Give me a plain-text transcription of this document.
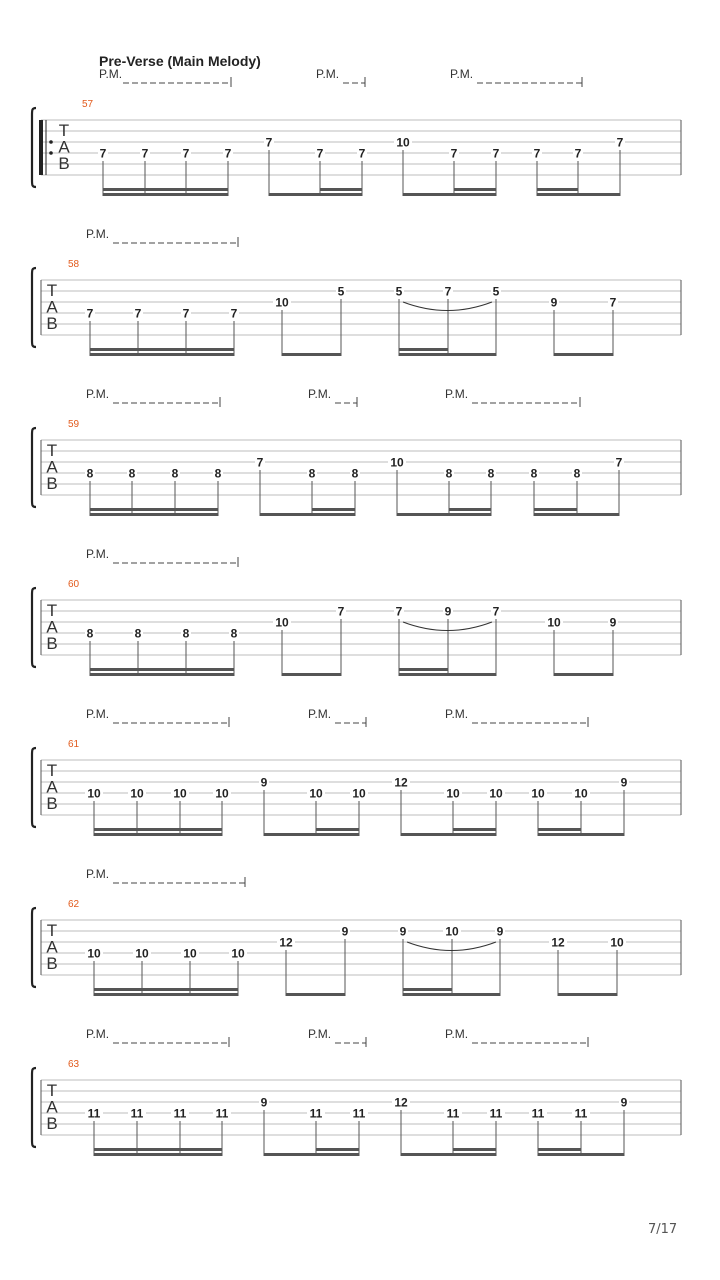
Pre-Verse (Main Melody)
T
A
B
57
P.M.	P.M.	P.M.
7	7	7	7
7
7	7
10
7	7	7	7
7
T
A
B
58
P.M.
7	7	7	7
10
5	5	7	5
9	7
T
A
B
59
P.M.	P.M.	P.M.
8	8	8	8
7
8	8
10
8	8	8	8
7
T
A
B
60
P.M.
8	8	8	8
10
7	7	9	7
10	9
T
A
B
61
P.M.	P.M.	P.M.
10 10 10 10
9
10 10
12
10 10 10 10
9
T
A
B
62
P.M.
10	10	10	10
12
9	9	10	9
12	10
T
A
B
63
P.M.	P.M.	P.M.
11	11	11 11
9
11	11
12
11	11 11	11
9
7/17
